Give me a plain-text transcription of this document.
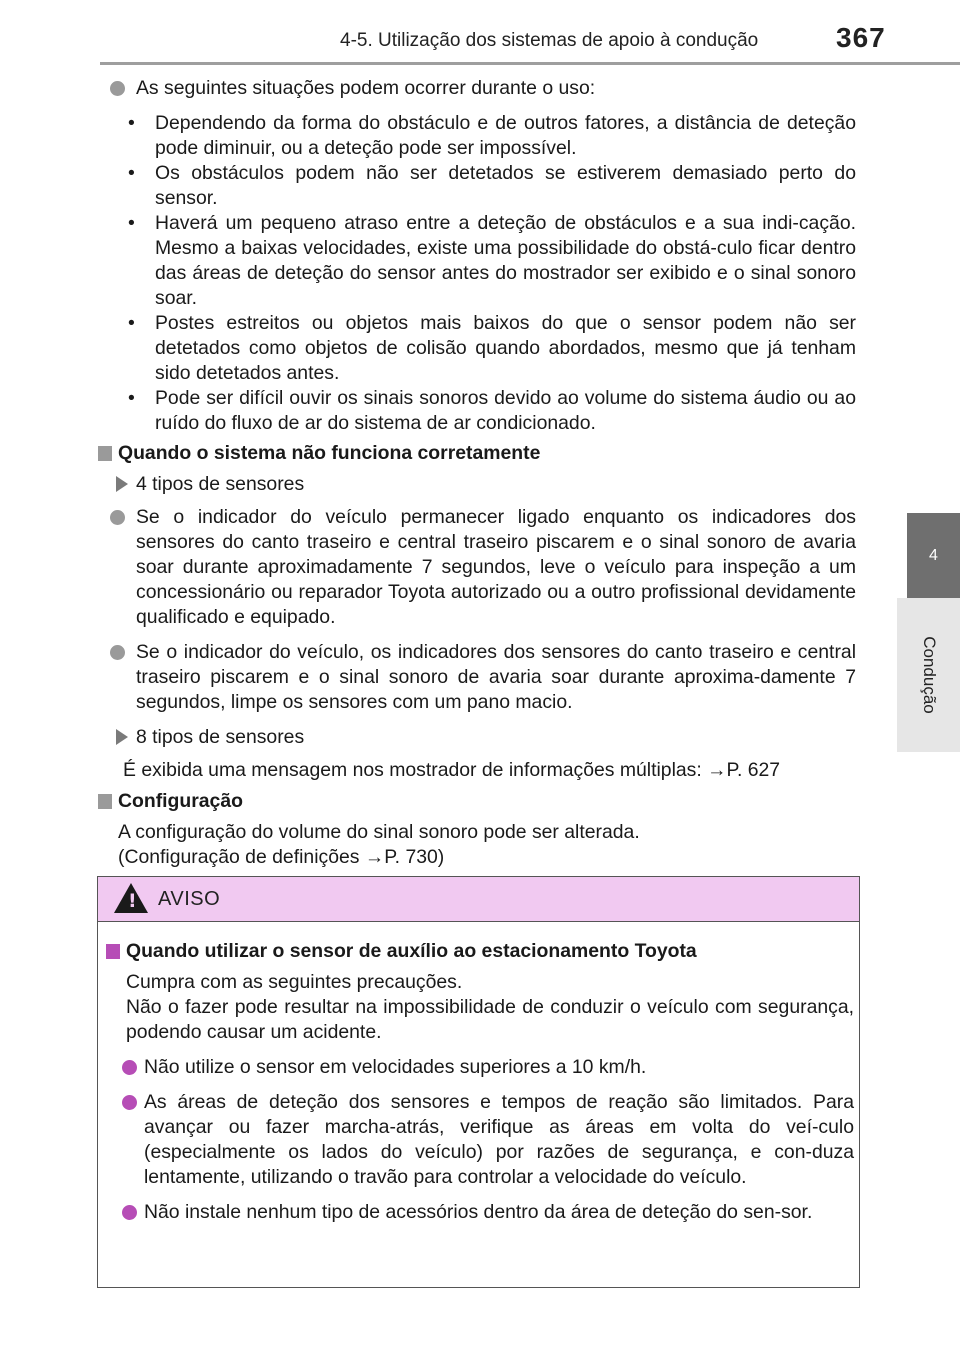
4-5. Utilização dos sistemas de apoio à condução	367
4
Condução

As seguintes situações podem ocorrer durante o uso:

• Dependendo da forma do obstáculo e de outros fatores, a distância de deteção pode diminuir, ou a deteção pode ser impossível.
• Os obstáculos podem não ser detetados se estiverem demasiado perto do sensor.
• Haverá um pequeno atraso entre a deteção de obstáculos e a sua indi-cação. Mesmo a baixas velocidades, existe uma possibilidade do obstá-culo ficar dentro das áreas de deteção do sensor antes do mostrador ser exibido e o sinal sonoro soar.
• Postes estreitos ou objetos mais baixos do que o sensor podem não ser detetados como objetos de colisão quando abordados, mesmo que já tenham sido detetados antes.
• Pode ser difícil ouvir os sinais sonoros devido ao volume do sistema áudio ou ao ruído do fluxo de ar do sistema de ar condicionado.

Quando o sistema não funciona corretamente

4 tipos de sensores

Se o indicador do veículo permanecer ligado enquanto os indicadores dos sensores do canto traseiro e central traseiro piscarem e o sinal sonoro de avaria soar durante aproximadamente 7 segundos, leve o veículo para inspeção a um concessionário ou reparador Toyota autorizado ou a outro profissional devidamente qualificado e equipado.

Se o indicador do veículo, os indicadores dos sensores do canto traseiro e central traseiro piscarem e o sinal sonoro de avaria soar durante aproxima-damente 7 segundos, limpe os sensores com um pano macio.

8 tipos de sensores

É exibida uma mensagem nos mostrador de informações múltiplas: →P. 627

Configuração

A configuração do volume do sinal sonoro pode ser alterada.

(Configuração de definições →P. 730)

! AVISO

Quando utilizar o sensor de auxílio ao estacionamento Toyota

Cumpra com as seguintes precauções.

Não o fazer pode resultar na impossibilidade de conduzir o veículo com segurança, podendo causar um acidente.

Não utilize o sensor em velocidades superiores a 10 km/h.

As áreas de deteção dos sensores e tempos de reação são limitados. Para avançar ou fazer marcha-atrás, verifique as áreas em volta do veí-culo (especialmente os lados do veículo) por razões de segurança, e con-duza lentamente, utilizando o travão para controlar a velocidade do veículo.

Não instale nenhum tipo de acessórios dentro da área de deteção do sen-sor.
